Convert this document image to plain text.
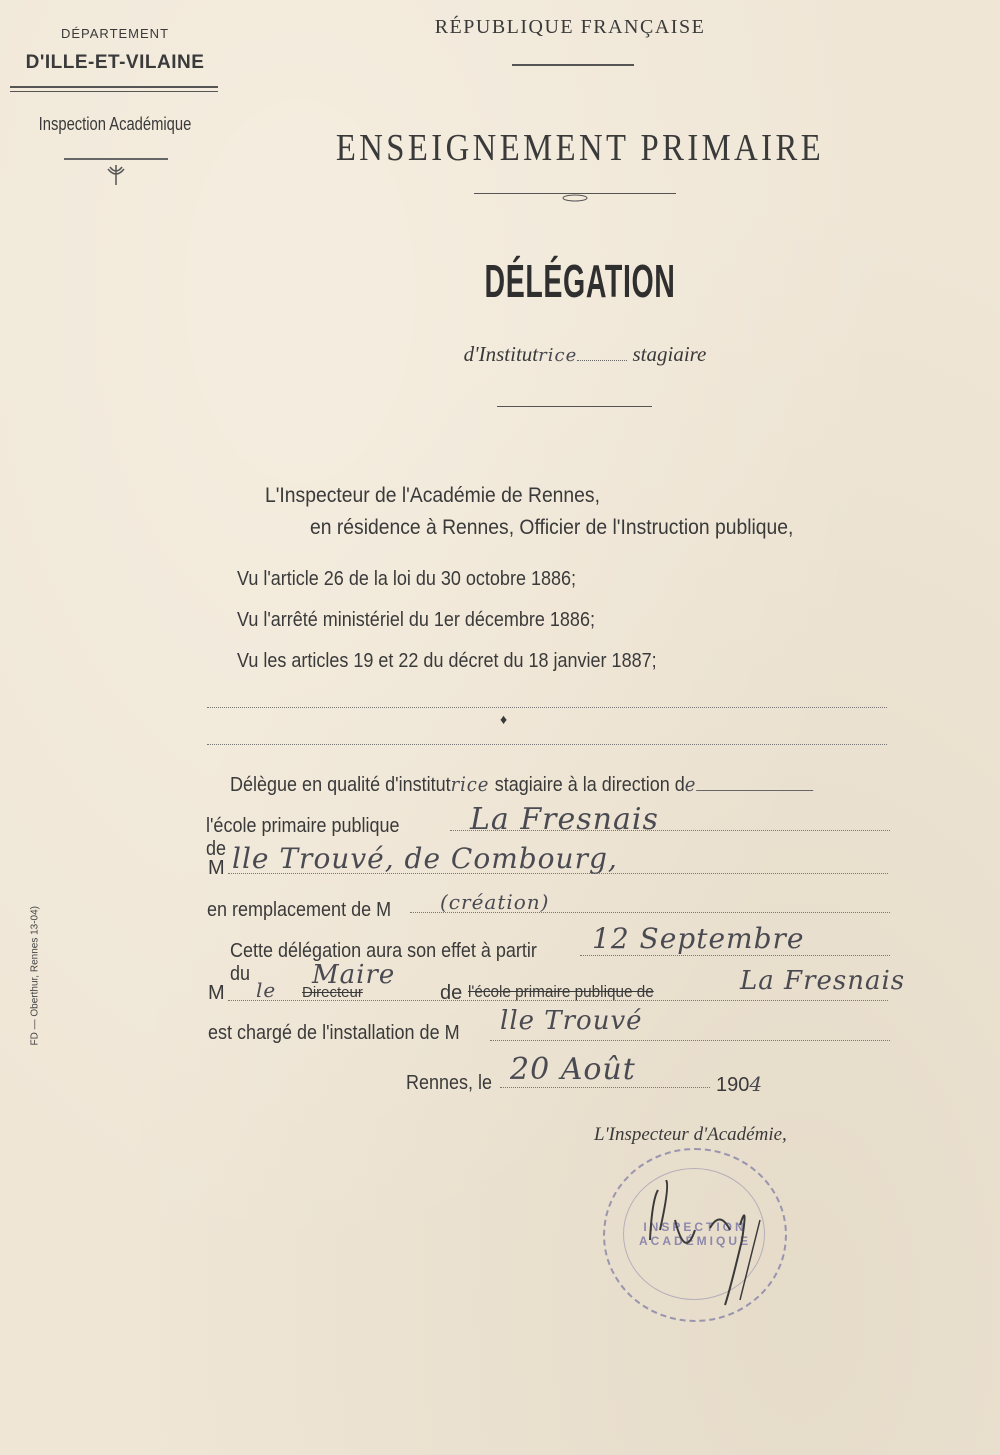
DÉPARTEMENT
D'ILLE-ET-VILAINE
Inspection Académique
RÉPUBLIQUE FRANÇAISE
ENSEIGNEMENT PRIMAIRE
DÉLÉGATION
d'Institutrice	stagiaire
L'Inspecteur de l'Académie de Rennes,
en résidence à Rennes, Officier de l'Instruction publique,
Vu l'article 26 de la loi du 30 octobre 1886;
Vu l'arrêté ministériel du 1er décembre 1886;
Vu les articles 19 et 22 du décret du 18 janvier 1887;
♦
Délègue en qualité d'institutrice stagiaire à la direction de
l'école primaire publique de
La Fresnais
M lle Trouvé, de Combourg,
en remplacement de M (création)
Cette délégation aura son effet à partir du
12 Septembre
M	le Directeur
Maire
de l'école primaire publique de	La Fresnais
est chargé de l'installation de M	lle Trouvé
Rennes, le 20 Août	1904
L'Inspecteur d'Académie,
INSPECTION ACADÉMIQUE
FD — Oberthur, Rennes 13-04)
